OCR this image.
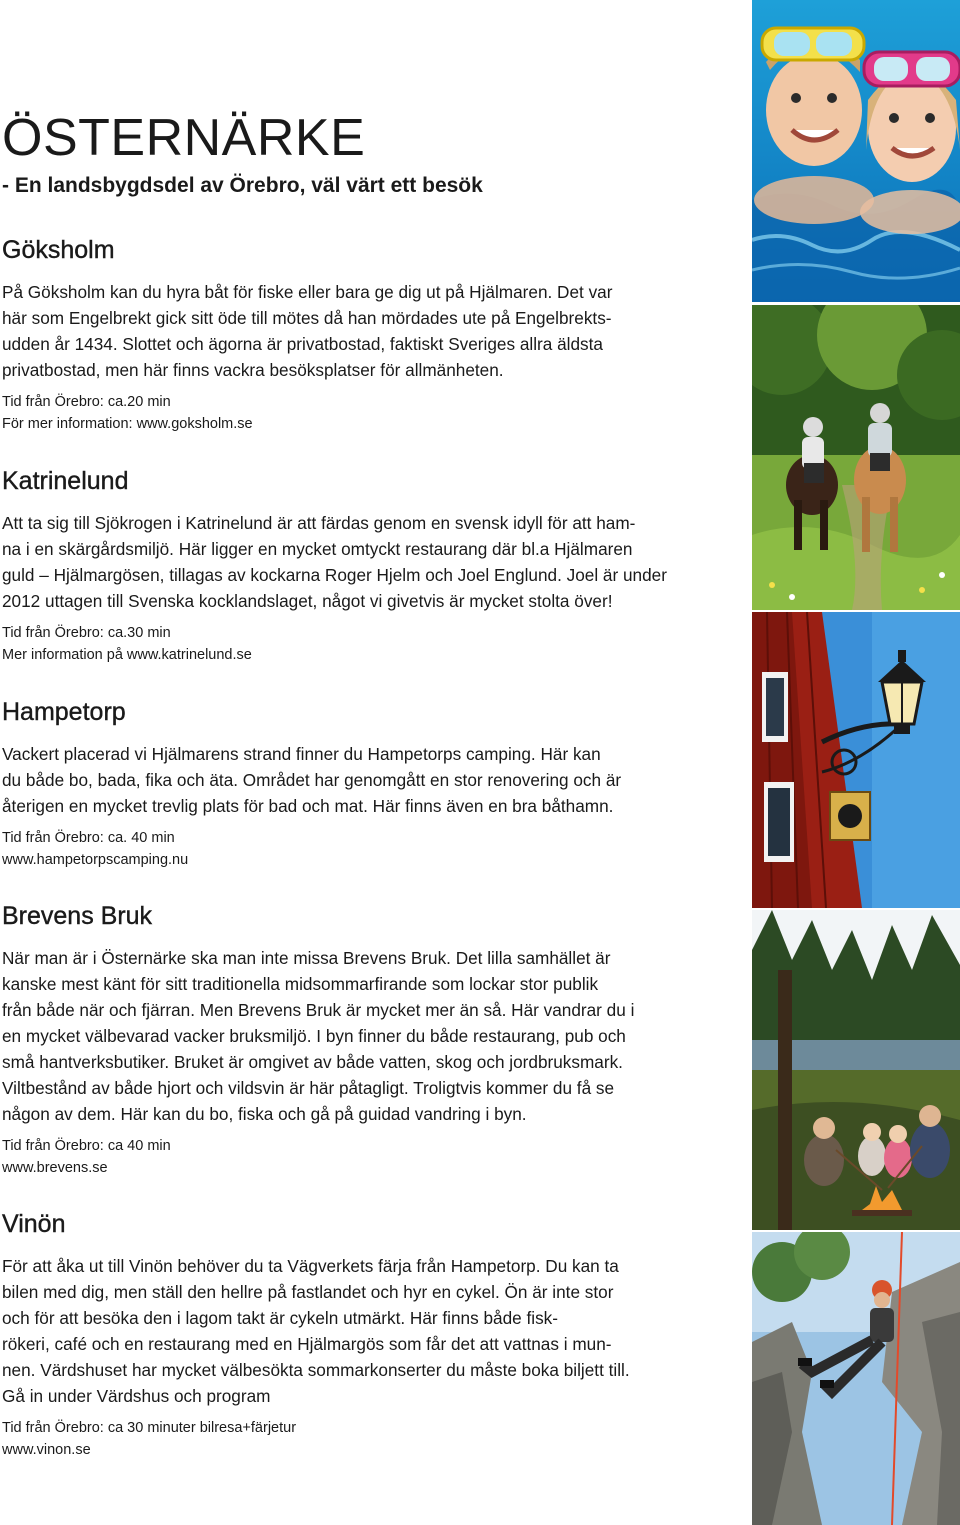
ÖSTERNÄRKE
- En landsbygdsdel av Örebro, väl värt ett besök
Göksholm
På Göksholm kan du hyra båt för fiske eller bara ge dig ut på Hjälmaren. Det var
här som Engelbrekt gick sitt öde till mötes då han mördades ute på Engelbrekts-
udden år 1434. Slottet och ägorna är privatbostad, faktiskt Sveriges allra äldsta
privatbostad, men här finns vackra besöksplatser för allmänheten.
Tid från Örebro: ca.20 min
För mer information: www.goksholm.se
Katrinelund
Att ta sig till Sjökrogen i Katrinelund är att färdas genom en svensk idyll för att ham-
na i en skärgårdsmiljö. Här ligger en mycket omtyckt restaurang där bl.a Hjälmaren
guld – Hjälmargösen, tillagas av kockarna Roger Hjelm och Joel Englund. Joel är under
2012 uttagen till Svenska kocklandslaget, något vi givetvis är mycket stolta över!
Tid från Örebro: ca.30 min
Mer information på www.katrinelund.se
Hampetorp
Vackert placerad vi Hjälmarens strand finner du Hampetorps camping. Här kan
du både bo, bada, fika och äta. Området har genomgått en stor renovering och är
återigen en mycket trevlig plats för bad och mat. Här finns även en bra båthamn.
Tid från Örebro: ca. 40 min
www.hampetorpscamping.nu
Brevens Bruk
När man är i Östernärke ska man inte missa Brevens Bruk. Det lilla samhället är
kanske mest känt för sitt traditionella midsommarfirande som lockar stor publik
från både när och fjärran. Men Brevens Bruk är mycket mer än så. Här vandrar du i
en mycket välbevarad vacker bruksmiljö. I byn finner du både restaurang, pub och
små hantverksbutiker. Bruket är omgivet av både vatten, skog och jordbruksmark.
Viltbestånd av både hjort och vildsvin är här påtagligt. Troligtvis kommer du få se
någon av dem. Här kan du bo, fiska och gå på guidad vandring i byn.
Tid från Örebro: ca 40 min
www.brevens.se
Vinön
För att åka ut till Vinön behöver du ta Vägverkets färja från Hampetorp. Du kan ta
bilen med dig, men ställ den hellre på fastlandet och hyr en cykel. Ön är inte stor
och för att besöka den i lagom takt är cykeln utmärkt. Här finns både fisk-
rökeri, café och en restaurang med en Hjälmargös som får det att vattnas i mun-
nen. Värdshuset har mycket välbesökta sommarkonserter du måste boka biljett till.
Gå in under Värdshus och program
Tid från Örebro: ca 30 minuter bilresa+färjetur
www.vinon.se
